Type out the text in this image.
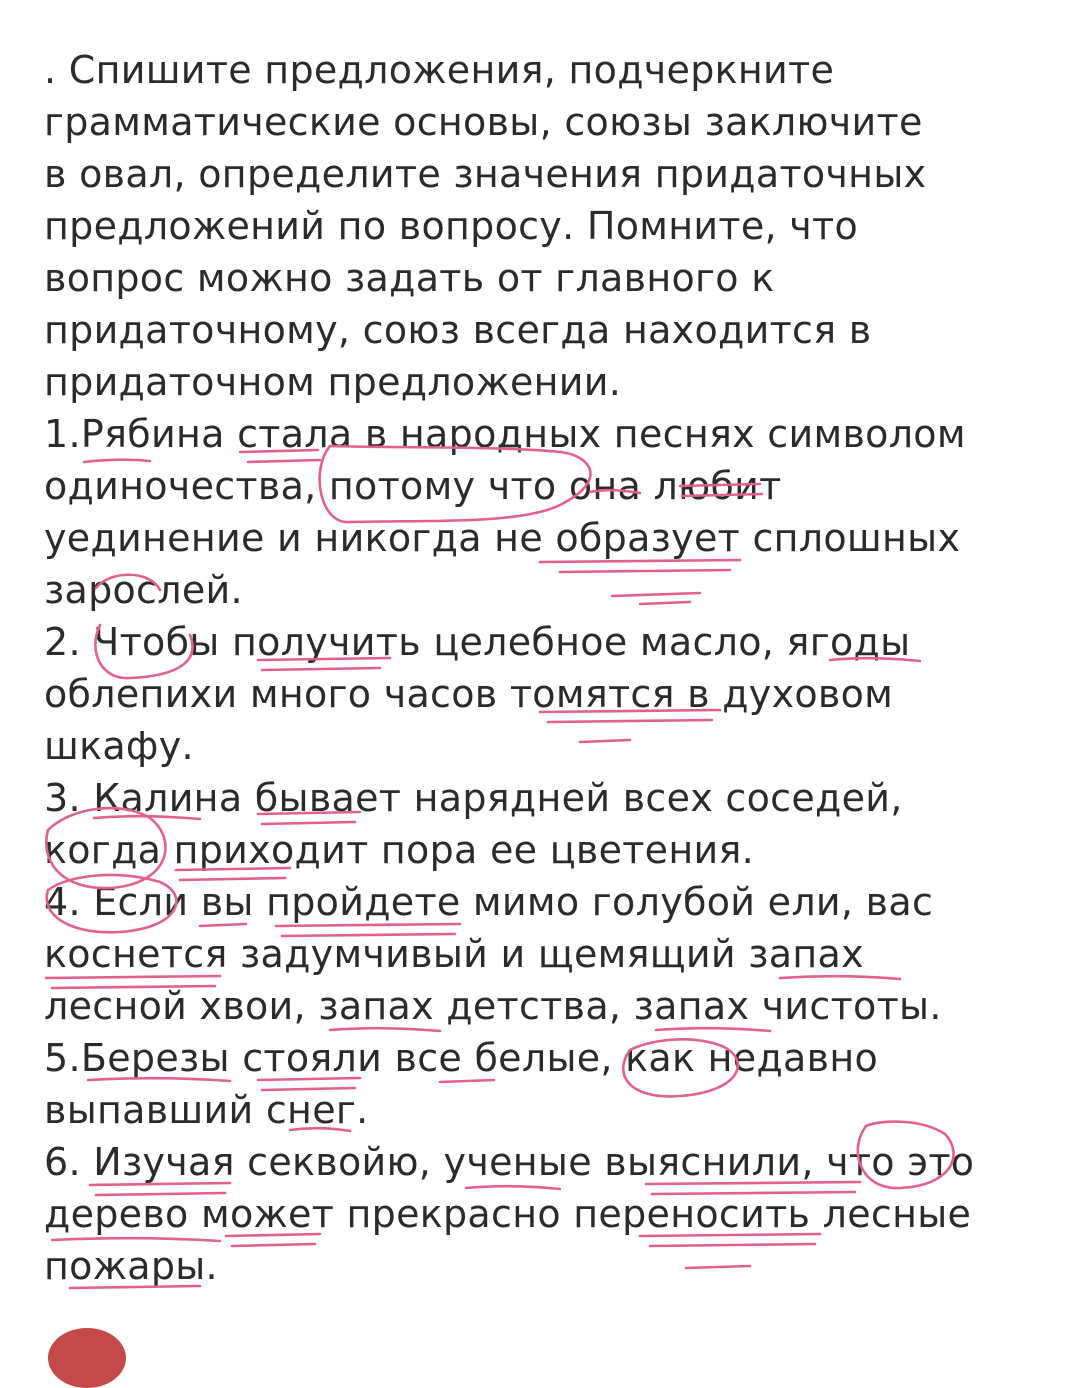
. Спишите предложения, подчеркните
грамматические основы, союзы заключите
в овал, определите значения придаточных
предложений по вопросу. Помните, что
вопрос можно задать от главного к
придаточному, союз всегда находится в
придаточном предложении.
1.Рябина стала в народных песнях символом
одиночества, потому что она любит
уединение и никогда не образует сплошных
зарослей.
2. Чтобы получить целебное масло, ягоды
облепихи много часов томятся в духовом
шкафу.
3. Калина бывает нарядней всех соседей,
когда приходит пора ее цветения.
4. Если вы пройдете мимо голубой ели, вас
коснется задумчивый и щемящий запах
лесной хвои, запах детства, запах чистоты.
5.Березы стояли все белые, как недавно
выпавший снег.
6. Изучая секвойю, ученые выяснили, что это
дерево может прекрасно переносить лесные
пожары.
